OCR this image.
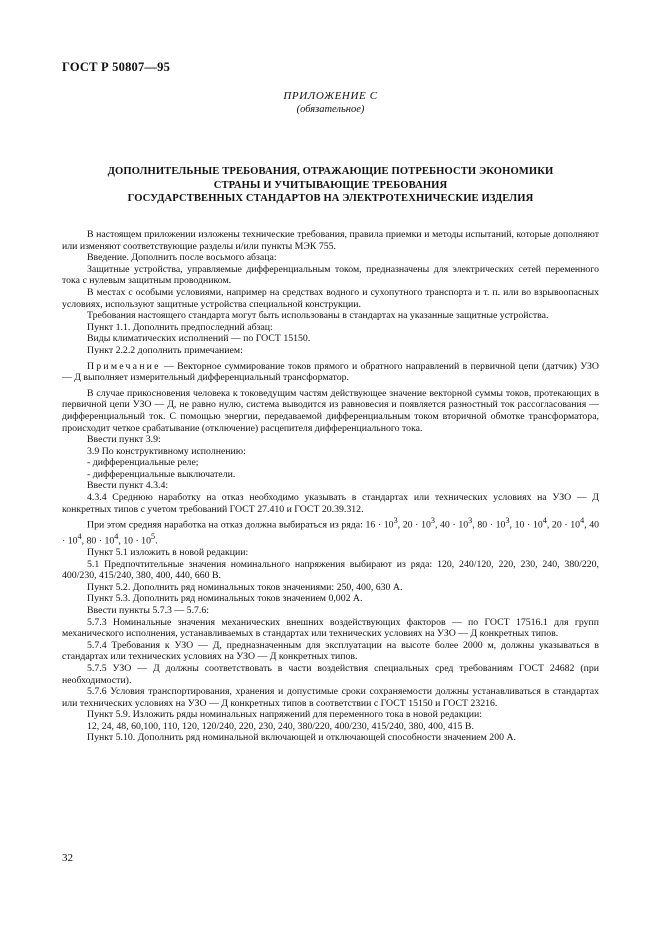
ГОСТ Р 50807—95
ПРИЛОЖЕНИЕ С
(обязательное)
ДОПОЛНИТЕЛЬНЫЕ ТРЕБОВАНИЯ, ОТРАЖАЮЩИЕ ПОТРЕБНОСТИ ЭКОНОМИКИ
СТРАНЫ И УЧИТЫВАЮЩИЕ ТРЕБОВАНИЯ
ГОСУДАРСТВЕННЫХ СТАНДАРТОВ НА ЭЛЕКТРОТЕХНИЧЕСКИЕ ИЗДЕЛИЯ

В настоящем приложении изложены технические требования, правила приемки и методы испытаний, которые дополняют или изменяют соответствующие разделы и/или пункты МЭК 755.

Введение. Дополнить после восьмого абзаца:

Защитные устройства, управляемые дифференциальным током, предназначены для электрических сетей переменного тока с нулевым защитным проводником.

В местах с особыми условиями, например на средствах водного и сухопутного транспорта и т. п. или во взрывоопасных условиях, используют защитные устройства специальной конструкции.

Требования настоящего стандарта могут быть использованы в стандартах на указанные защитные устройства.

Пункт 1.1. Дополнить предпоследний абзац:

Виды климатических исполнений — по ГОСТ 15150.

Пункт 2.2.2 дополнить примечанием:

Примечание — Векторное суммирование токов прямого и обратного направлений в первичной цепи (датчик) УЗО — Д выполняет измерительный дифференциальный трансформатор.

В случае прикосновения человека к токоведущим частям действующее значение векторной суммы токов, протекающих в первичной цепи УЗО — Д, не равно нулю, система выводится из равновесия и появляется разностный ток рассогласования — дифференциальный ток. С помощью энергии, передаваемой дифференциальным током вторичной обмотке трансформатора, происходит четкое срабатывание (отключение) расцепителя дифференциального тока.

Ввести пункт 3.9:

3.9 По конструктивному исполнению:

- дифференциальные реле;

- дифференциальные выключатели.

Ввести пункт 4.3.4:

4.3.4 Среднюю наработку на отказ необходимо указывать в стандартах или технических условиях на УЗО — Д конкретных типов с учетом требований ГОСТ 27.410 и ГОСТ 20.39.312.

При этом средняя наработка на отказ должна выбираться из ряда: $16 \cdot 10^3$, $20 \cdot 10^3$, $40 \cdot 10^3$, $80 \cdot 10^3$, $10 \cdot 10^4$, $20 \cdot 10^4$, $40 \cdot 10^4$, $80 \cdot 10^4$, $10 \cdot 10^5$.

Пункт 5.1 изложить в новой редакции:

5.1 Предпочтительные значения номинального напряжения выбирают из ряда: 120, 240/120, 220, 230, 240, 380/220, 400/230, 415/240, 380, 400, 440, 660 В.

Пункт 5.2. Дополнить ряд номинальных токов значениями: 250, 400, 630 А.

Пункт 5.3. Дополнить ряд номинальных токов значением 0,002 А.

Ввести пункты 5.7.3 — 5.7.6:

5.7.3 Номинальные значения механических внешних воздействующих факторов — по ГОСТ 17516.1 для групп механического исполнения, устанавливаемых в стандартах или технических условиях на УЗО — Д конкретных типов.

5.7.4 Требования к УЗО — Д, предназначенным для эксплуатации на высоте более 2000 м, должны указываться в стандартах или технических условиях на УЗО — Д конкретных типов.

5.7.5 УЗО — Д должны соответствовать в части воздействия специальных сред требованиям ГОСТ 24682 (при необходимости).

5.7.6 Условия транспортирования, хранения и допустимые сроки сохраняемости должны устанавливаться в стандартах или технических условиях на УЗО — Д конкретных типов в соответствии с ГОСТ 15150 и ГОСТ 23216.

Пункт 5.9. Изложить ряды номинальных напряжений для переменного тока в новой редакции:

12, 24, 48, 60,100, 110, 120, 120/240, 220, 230, 240, 380/220, 400/230, 415/240, 380, 400, 415 В.

Пункт 5.10. Дополнить ряд номинальной включающей и отключающей способности значением 200 А.

32
